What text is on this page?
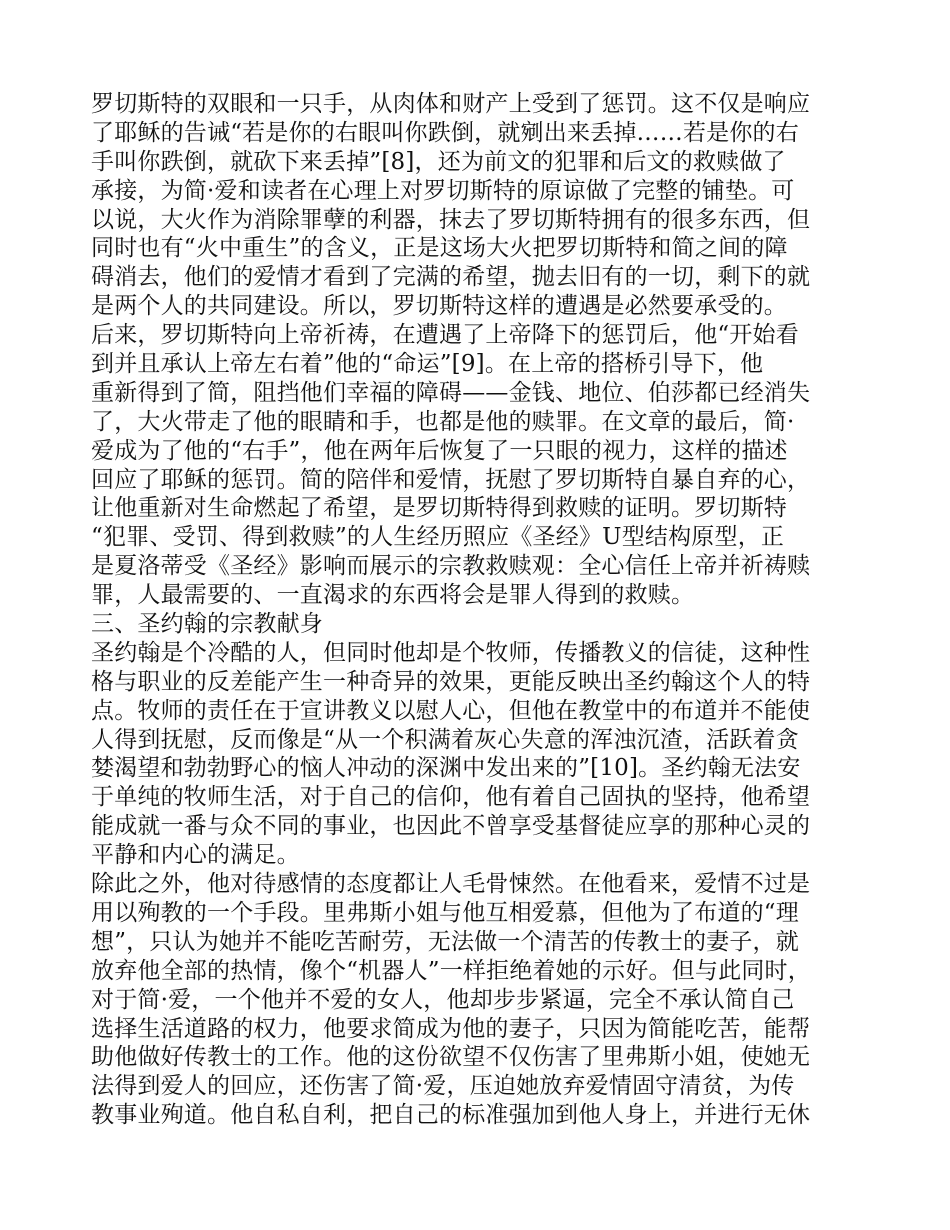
罗切斯特的双眼和一只手，从肉体和财产上受到了惩罚。这不仅是响应
了耶稣的告诫“若是你的右眼叫你跌倒，就剜出来丢掉……若是你的右
手叫你跌倒，就砍下来丢掉”[8]，还为前文的犯罪和后文的救赎做了
承接，为简·爱和读者在心理上对罗切斯特的原谅做了完整的铺垫。可
以说，大火作为消除罪孽的利器，抹去了罗切斯特拥有的很多东西，但
同时也有“火中重生”的含义，正是这场大火把罗切斯特和简之间的障
碍消去，他们的爱情才看到了完满的希望，抛去旧有的一切，剩下的就
是两个人的共同建设。所以，罗切斯特这样的遭遇是必然要承受的。
后来，罗切斯特向上帝祈祷，在遭遇了上帝降下的惩罚后，他“开始看
到并且承认上帝左右着”他的“命运”[9]。在上帝的搭桥引导下，他
重新得到了简，阻挡他们幸福的障碍——金钱、地位、伯莎都已经消失
了，大火带走了他的眼睛和手，也都是他的赎罪。在文章的最后，简·
爱成为了他的“右手”，他在两年后恢复了一只眼的视力，这样的描述
回应了耶稣的惩罚。简的陪伴和爱情，抚慰了罗切斯特自暴自弃的心，
让他重新对生命燃起了希望，是罗切斯特得到救赎的证明。罗切斯特
“犯罪、受罚、得到救赎”的人生经历照应《圣经》U型结构原型，正
是夏洛蒂受《圣经》影响而展示的宗教救赎观：全心信任上帝并祈祷赎
罪，人最需要的、一直渴求的东西将会是罪人得到的救赎。
三、圣约翰的宗教献身
圣约翰是个冷酷的人，但同时他却是个牧师，传播教义的信徒，这种性
格与职业的反差能产生一种奇异的效果，更能反映出圣约翰这个人的特
点。牧师的责任在于宣讲教义以慰人心，但他在教堂中的布道并不能使
人得到抚慰，反而像是“从一个积满着灰心失意的浑浊沉渣，活跃着贪
婪渴望和勃勃野心的恼人冲动的深渊中发出来的”[10]。圣约翰无法安
于单纯的牧师生活，对于自己的信仰，他有着自己固执的坚持，他希望
能成就一番与众不同的事业，也因此不曾享受基督徒应享的那种心灵的
平静和内心的满足。
除此之外，他对待感情的态度都让人毛骨悚然。在他看来，爱情不过是
用以殉教的一个手段。里弗斯小姐与他互相爱慕，但他为了布道的“理
想”，只认为她并不能吃苦耐劳，无法做一个清苦的传教士的妻子，就
放弃他全部的热情，像个“机器人”一样拒绝着她的示好。但与此同时，
对于简·爱，一个他并不爱的女人，他却步步紧逼，完全不承认简自己
选择生活道路的权力，他要求简成为他的妻子，只因为简能吃苦，能帮
助他做好传教士的工作。他的这份欲望不仅伤害了里弗斯小姐，使她无
法得到爱人的回应，还伤害了简·爱，压迫她放弃爱情固守清贫，为传
教事业殉道。他自私自利，把自己的标准强加到他人身上，并进行无休
